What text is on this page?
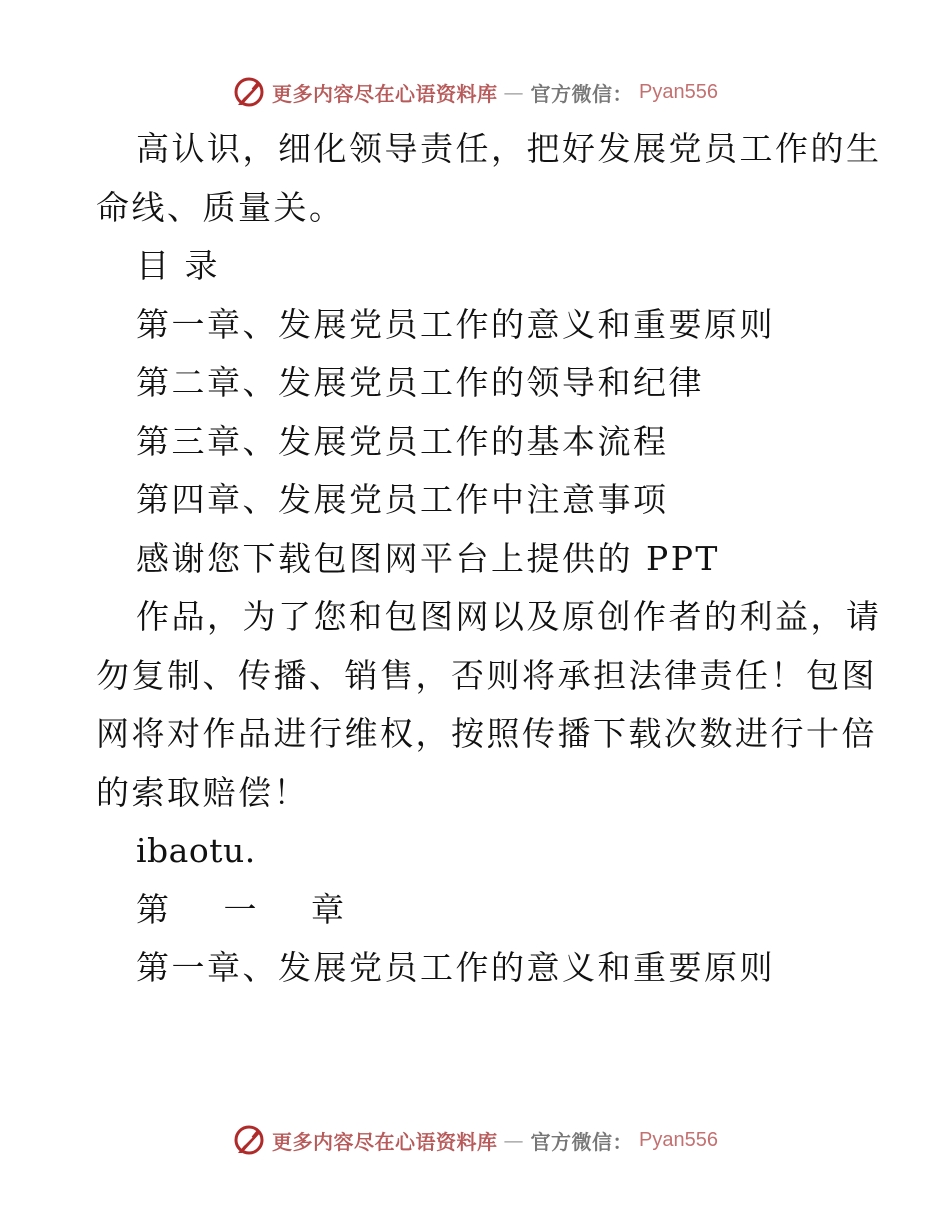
更多内容尽在心语资料库 — 官方微信： Pyan556
高认识，细化领导责任，把好发展党员工作的生
命线、质量关。
目 录
第一章、发展党员工作的意义和重要原则
第二章、发展党员工作的领导和纪律
第三章、发展党员工作的基本流程
第四章、发展党员工作中注意事项
感谢您下载包图网平台上提供的 PPT
作品，为了您和包图网以及原创作者的利益，请
勿复制、传播、销售，否则将承担法律责任！包图
网将对作品进行维权，按照传播下载次数进行十倍
的索取赔偿！
ibaotu.
第 一 章
第一章、发展党员工作的意义和重要原则
更多内容尽在心语资料库 — 官方微信： Pyan556
